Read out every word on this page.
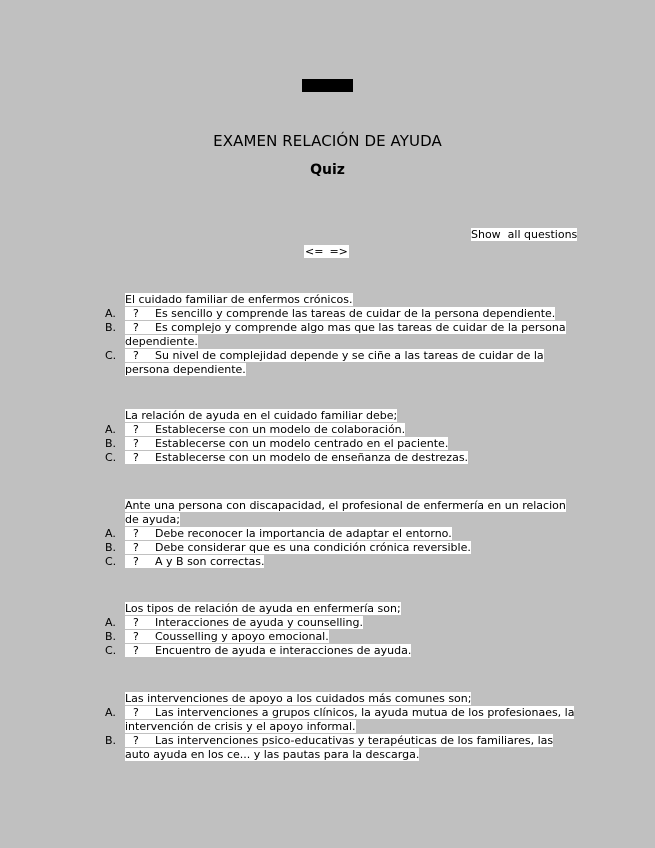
EXAMEN RELACIÓN DE AYUDA
Quiz
Show  all questions
<= =>
El cuidado familiar de enfermos crónicos.
A.	? Es sencillo y comprende las tareas de cuidar de la persona dependiente.
B.	? Es complejo y comprende algo mas que las tareas de cuidar de la persona dependiente.
C.	? Su nivel de complejidad depende y se ciñe a las tareas de cuidar de la persona dependiente.
La relación de ayuda en el cuidado familiar debe;
A.	? Establecerse con un modelo de colaboración.
B.	? Establecerse con un modelo centrado en el paciente.
C.	? Establecerse con un modelo de enseñanza de destrezas.
Ante una persona con discapacidad, el profesional de enfermería en un relacion de ayuda;
A.	? Debe reconocer la importancia de adaptar el entorno.
B.	? Debe considerar que es una condición crónica reversible.
C.	? A y B son correctas.
Los tipos de relación de ayuda en enfermería son;
A.	? Interacciones de ayuda y counselling.
B.	? Cousselling y apoyo emocional.
C.	? Encuentro de ayuda e interacciones de ayuda.
Las intervenciones de apoyo a los cuidados más comunes son;
A.	? Las intervenciones a grupos clínicos, la ayuda mutua de los profesionaes, la intervención de crisis y el apoyo informal.
B.	? Las intervenciones psico-educativas y terapéuticas de los familiares, las auto ayuda en los ce... y las pautas para la descarga.
